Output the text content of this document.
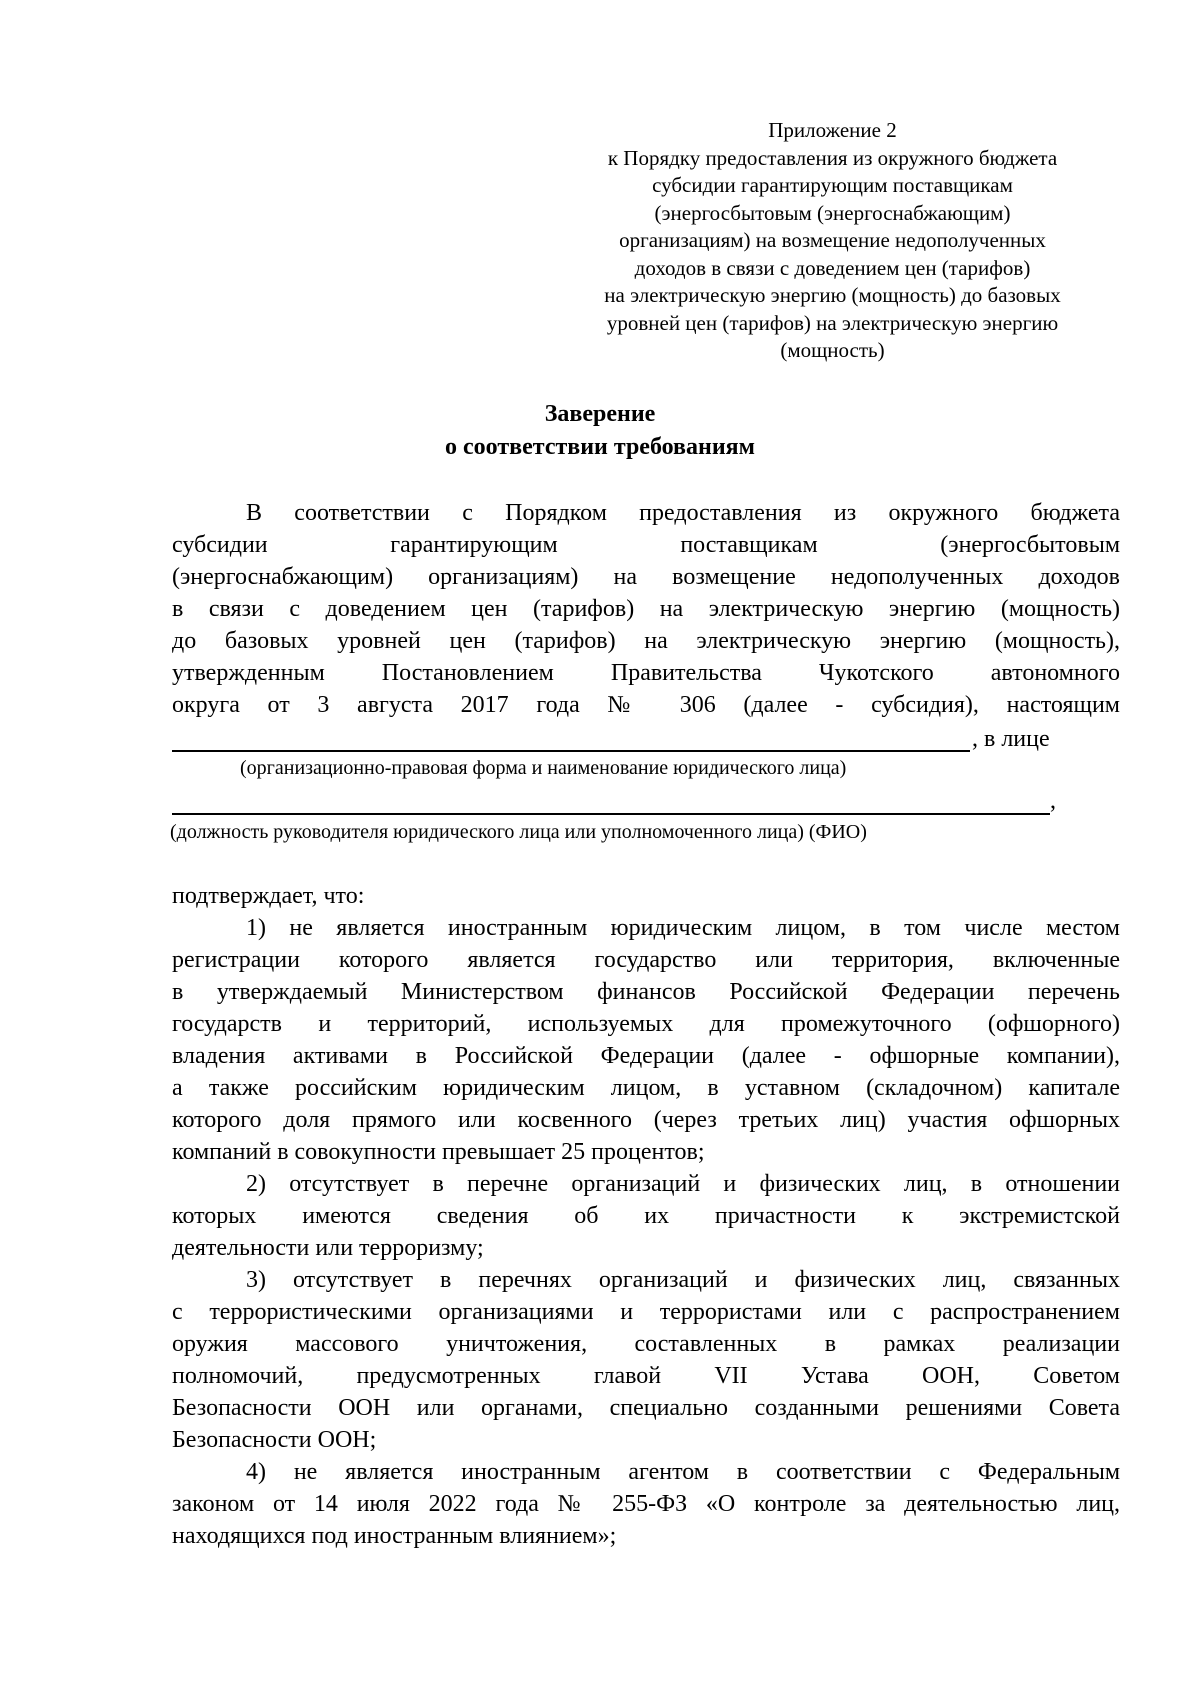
Приложение 2
к Порядку предоставления из окружного бюджета
субсидии гарантирующим поставщикам
(энергосбытовым (энергоснабжающим)
организациям) на возмещение недополученных
доходов в связи с доведением цен (тарифов)
на электрическую энергию (мощность) до базовых
уровней цен (тарифов) на электрическую энергию
(мощность)
Заверение
о соответствии требованиям
В соответствии с Порядком предоставления из окружного бюджета
субсидии гарантирующим поставщикам (энергосбытовым
(энергоснабжающим) организациям) на возмещение недополученных доходов
в связи с доведением цен (тарифов) на электрическую энергию (мощность)
до базовых уровней цен (тарифов) на электрическую энергию (мощность),
утвержденным Постановлением Правительства Чукотского автономного
округа от 3 августа 2017 года № 306 (далее - субсидия), настоящим
, в лице
(организационно-правовая форма и наименование юридического лица)
,
(должность руководителя юридического лица или уполномоченного лица) (ФИО)
подтверждает, что:
1) не является иностранным юридическим лицом, в том числе местом
регистрации которого является государство или территория, включенные
в утверждаемый Министерством финансов Российской Федерации перечень
государств и территорий, используемых для промежуточного (офшорного)
владения активами в Российской Федерации (далее - офшорные компании),
а также российским юридическим лицом, в уставном (складочном) капитале
которого доля прямого или косвенного (через третьих лиц) участия офшорных
компаний в совокупности превышает 25 процентов;
2) отсутствует в перечне организаций и физических лиц, в отношении
которых имеются сведения об их причастности к экстремистской
деятельности или терроризму;
3) отсутствует в перечнях организаций и физических лиц, связанных
с террористическими организациями и террористами или с распространением
оружия массового уничтожения, составленных в рамках реализации
полномочий, предусмотренных главой VII Устава ООН, Советом
Безопасности ООН или органами, специально созданными решениями Совета
Безопасности ООН;
4) не является иностранным агентом в соответствии с Федеральным
законом от 14 июля 2022 года № 255-ФЗ «О контроле за деятельностью лиц,
находящихся под иностранным влиянием»;
